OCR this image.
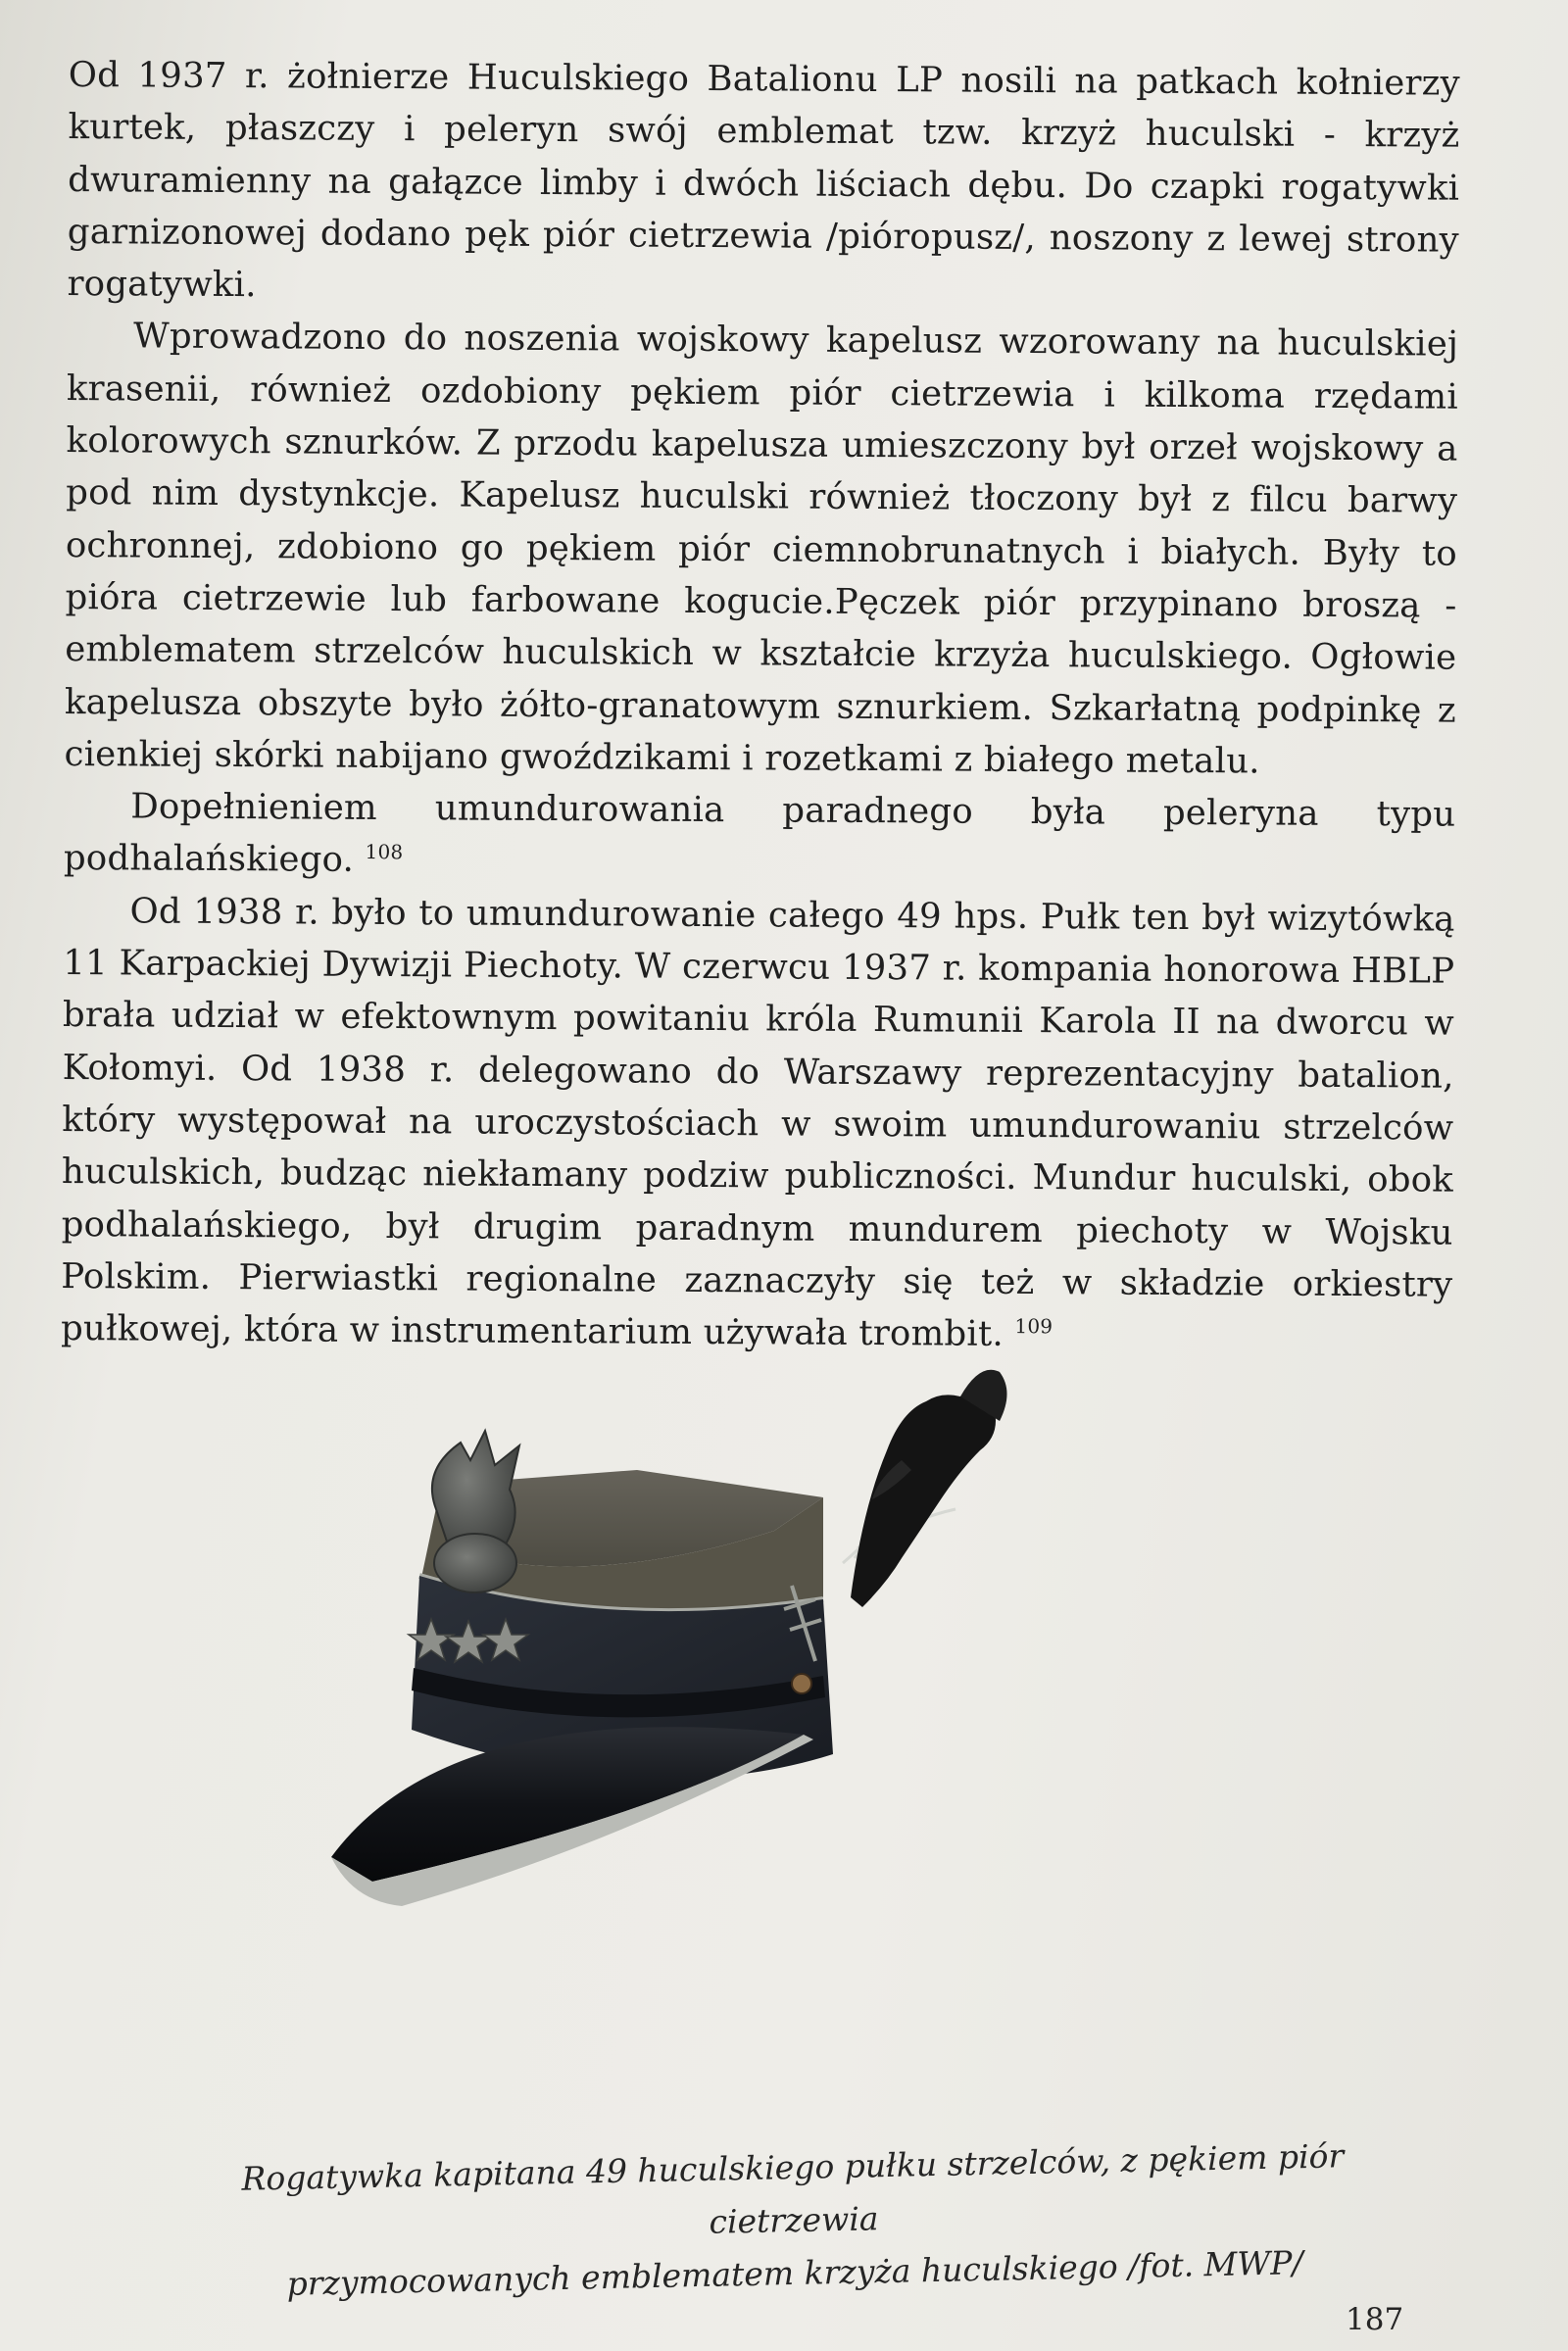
Od 1937 r. żołnierze Huculskiego Batalionu LP nosili na patkach kołnierzy kurtek, płaszczy i peleryn swój emblemat tzw. krzyż huculski - krzyż dwuramienny na gałązce limby i dwóch liściach dębu. Do czapki rogatywki garnizonowej dodano pęk piór cietrzewia /pióropusz/, noszony z lewej strony rogatywki.

Wprowadzono do noszenia wojskowy kapelusz wzorowany na huculskiej krasenii, również ozdobiony pękiem piór cietrzewia i kilkoma rzędami kolorowych sznurków. Z przodu kapelusza umieszczony był orzeł wojskowy a pod nim dystynkcje. Kapelusz huculski również tłoczony był z filcu barwy ochronnej, zdobiono go pękiem piór ciemnobrunatnych i białych. Były to pióra cietrzewie lub farbowane kogucie.Pęczek piór przypinano broszą - emblematem strzelców huculskich w kształcie krzyża huculskiego. Ogłowie kapelusza obszyte było żółto-granatowym sznurkiem. Szkarłatną podpinkę z cienkiej skórki nabijano gwoździkami i rozetkami z białego metalu.

Dopełnieniem umundurowania paradnego była peleryna typu podhalańskiego. $^{108}$

Od 1938 r. było to umundurowanie całego 49 hps. Pułk ten był wizytówką 11 Karpackiej Dywizji Piechoty. W czerwcu 1937 r. kompania honorowa HBLP brała udział w efektownym powitaniu króla Rumunii Karola II na dworcu w Kołomyi. Od 1938 r. delegowano do Warszawy reprezentacyjny batalion, który występował na uroczystościach w swoim umundurowaniu strzelców huculskich, budząc niekłamany podziw publiczności. Mundur huculski, obok podhalańskiego, był drugim paradnym mundurem piechoty w Wojsku Polskim. Pierwiastki regionalne zaznaczyły się też w składzie orkiestry pułkowej, która w instrumentarium używała trombit. $^{109}$

Rogatywka kapitana 49 huculskiego pułku strzelców, z pękiem piór cietrzewia
przymocowanych emblematem krzyża huculskiego /fot. MWP/
187
